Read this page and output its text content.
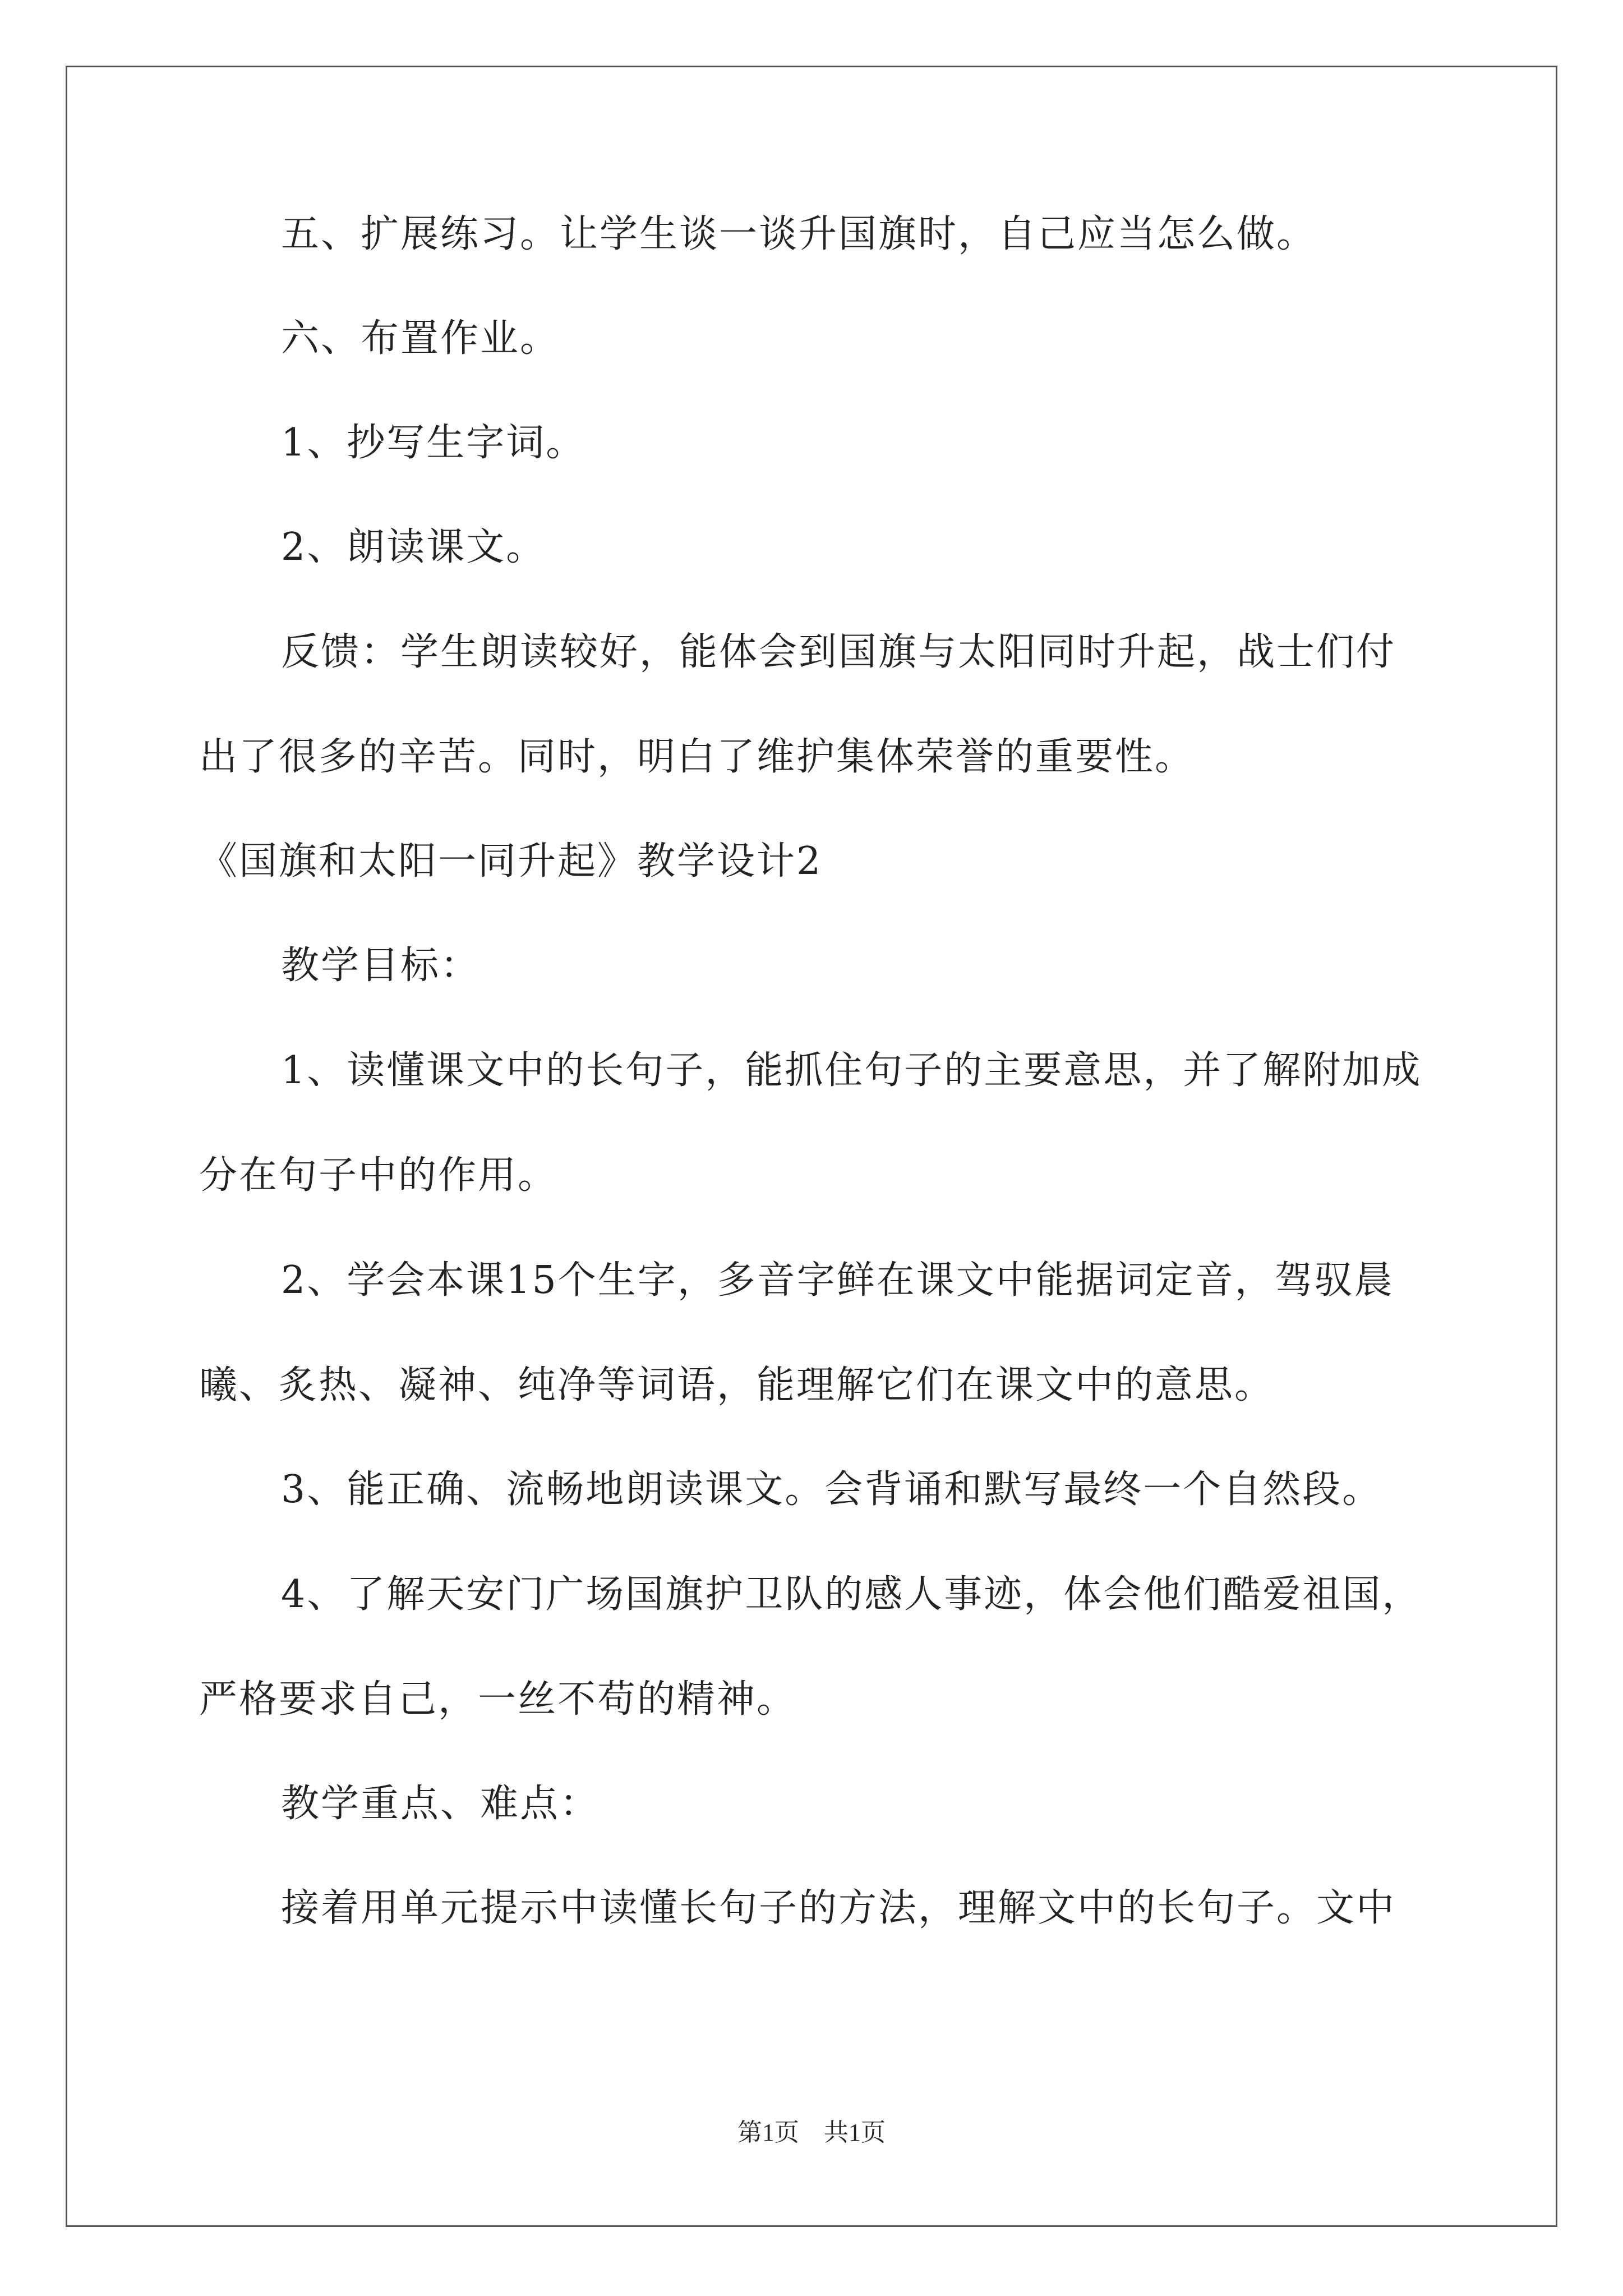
五、扩展练习。让学生谈一谈升国旗时，自己应当怎么做。

六、布置作业。

1、抄写生字词。

2、朗读课文。

反馈：学生朗读较好，能体会到国旗与太阳同时升起，战士们付出了很多的辛苦。同时，明白了维护集体荣誉的重要性。

《国旗和太阳一同升起》教学设计2

教学目标：

1、读懂课文中的长句子，能抓住句子的主要意思，并了解附加成分在句子中的作用。

2、学会本课15个生字，多音字鲜在课文中能据词定音，驾驭晨曦、炙热、凝神、纯净等词语，能理解它们在课文中的意思。

3、能正确、流畅地朗读课文。会背诵和默写最终一个自然段。

4、了解天安门广场国旗护卫队的感人事迹，体会他们酷爱祖国，严格要求自己，一丝不苟的精神。

教学重点、难点：

接着用单元提示中读懂长句子的方法，理解文中的长句子。文中

第1页　共1页
